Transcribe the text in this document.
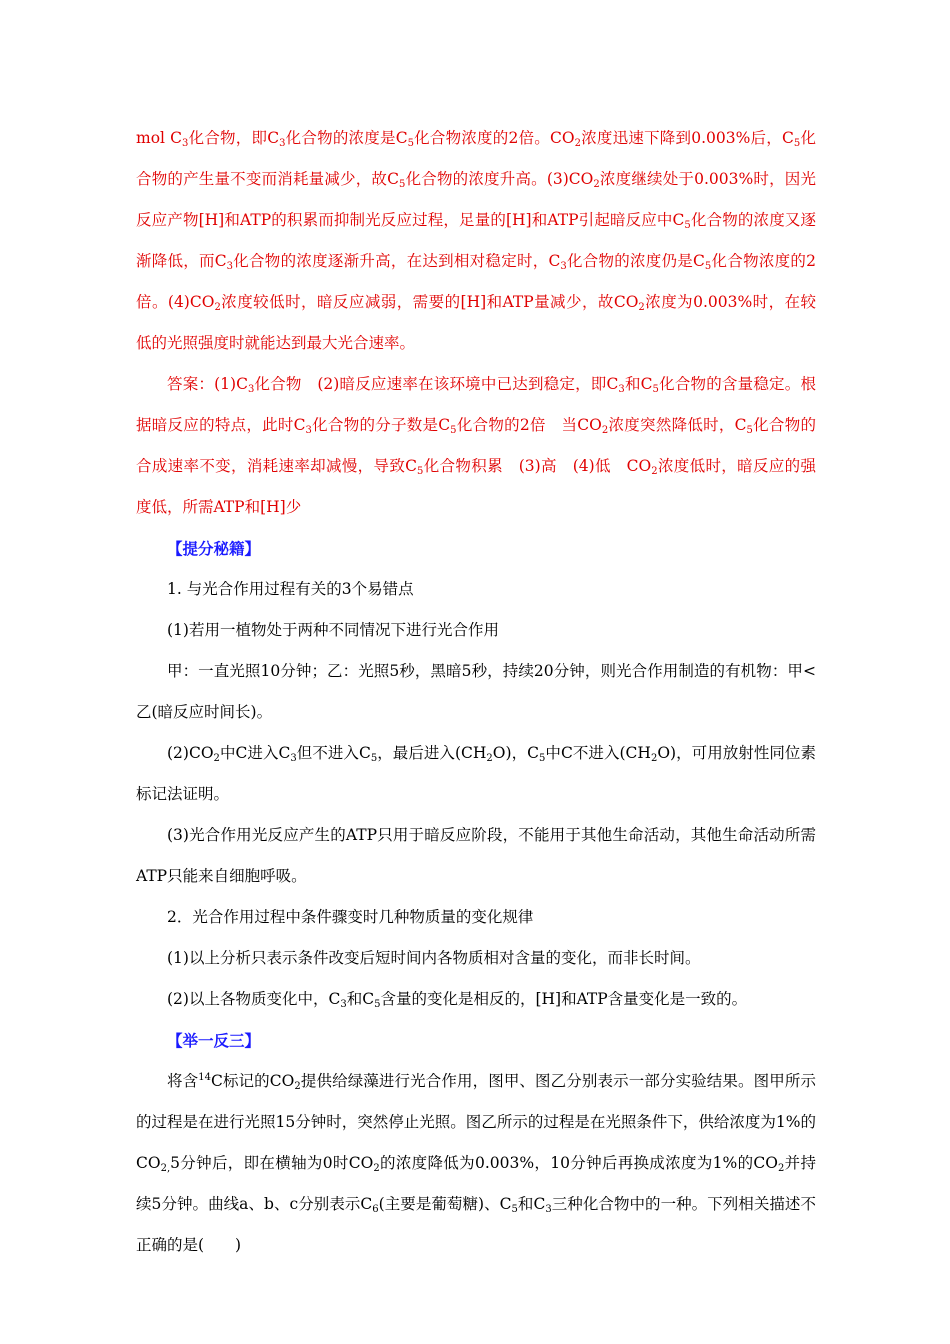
mol $C_3$化合物，即$C_3$化合物的浓度是$C_5$化合物浓度的2倍。$CO_2$浓度迅速下降到0.003%后，$C_5$化合物的产生量不变而消耗量减少，故$C_5$化合物的浓度升高。$(3)CO_2$浓度继续处于0.003%时，因光反应产物[H]和ATP的积累而抑制光反应过程，足量的[H]和ATP引起暗反应中$C_5$化合物的浓度又逐渐降低，而$C_3$化合物的浓度逐渐升高，在达到相对稳定时，$C_3$化合物的浓度仍是$C_5$化合物浓度的2倍。$(4)CO_2$浓度较低时，暗反应减弱，需要的[H]和ATP量减少，故$CO_2$浓度为0.003%时，在较低的光照强度时就能达到最大光合速率。

答案：$(1)C_3$化合物　(2)暗反应速率在该环境中已达到稳定，即$C_3$和$C_5$化合物的含量稳定。根据暗反应的特点，此时$C_3$化合物的分子数是$C_5$化合物的2倍　当$CO_2$浓度突然降低时，$C_5$化合物的合成速率不变，消耗速率却减慢，导致$C_5$化合物积累　(3)高　(4)低　$CO_2$浓度低时，暗反应的强度低，所需ATP和[H]少

【提分秘籍】

1. 与光合作用过程有关的3个易错点

(1)若用一植物处于两种不同情况下进行光合作用

甲：一直光照10分钟；乙：光照5秒，黑暗5秒，持续20分钟，则光合作用制造的有机物：甲<乙(暗反应时间长)。

$(2)CO_2$中C进入$C_3$但不进入$C_5$，最后进入$(CH_2O)$，$C_5$中C不进入$(CH_2O)$，可用放射性同位素标记法证明。

(3)光合作用光反应产生的ATP只用于暗反应阶段，不能用于其他生命活动，其他生命活动所需ATP只能来自细胞呼吸。

2．光合作用过程中条件骤变时几种物质量的变化规律

(1)以上分析只表示条件改变后短时间内各物质相对含量的变化，而非长时间。

(2)以上各物质变化中，$C_3$和$C_5$含量的变化是相反的，[H]和ATP含量变化是一致的。

【举一反三】

将含$^{14}$C标记的$CO_2$提供给绿藻进行光合作用，图甲、图乙分别表示一部分实验结果。图甲所示的过程是在进行光照15分钟时，突然停止光照。图乙所示的过程是在光照条件下，供给浓度为1%的$CO_{2,}5$分钟后，即在横轴为0时$CO_2$的浓度降低为0.003%，10分钟后再换成浓度为1%的$CO_2$并持续5分钟。曲线a、b、c分别表示$C_6$(主要是葡萄糖)、$C_5$和$C_3$三种化合物中的一种。下列相关描述不正确的是(　　)
